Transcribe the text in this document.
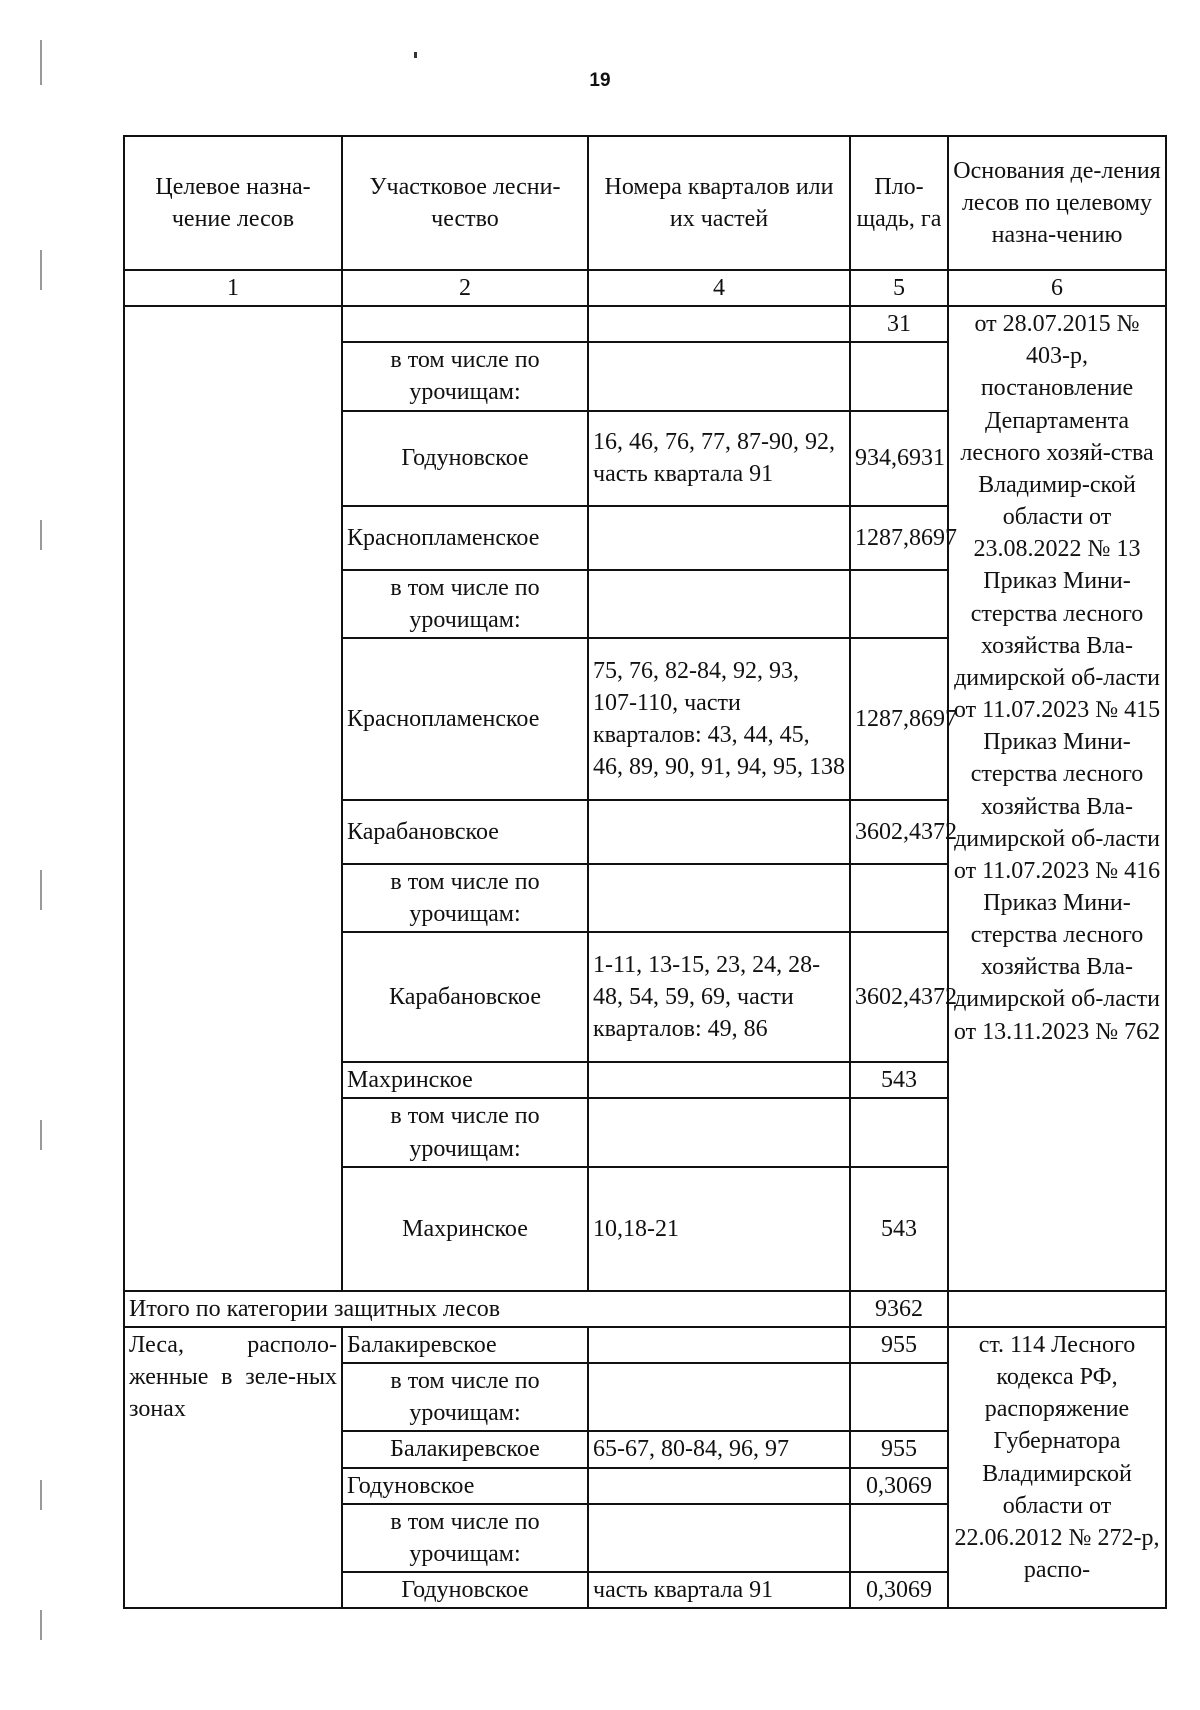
19
Целевое назна-чение лесов	Участковое лесни-чество	Номера кварталов или их частей	Пло-щадь, га	Основания де-ления лесов по целевому назна-чению
1	2	4	5	6
			31	от 28.07.2015 № 403-р, постановление Департамента лесного хозяй-ства Владимир-ской области от 23.08.2022 № 13 Приказ Мини-стерства лесного хозяйства Вла-димирской об-ласти от 11.07.2023 № 415 Приказ Мини-стерства лесного хозяйства Вла-димирской об-ласти от 11.07.2023 № 416 Приказ Мини-стерства лесного хозяйства Вла-димирской об-ласти от 13.11.2023 № 762
	в том числе по урочищам:			
	Годуновское	16, 46, 76, 77, 87-90, 92, часть квартала 91	934,6931	
	Краснопламенское		1287,8697	
	в том числе по урочищам:			
	Краснопламенское	75, 76, 82-84, 92, 93, 107-110, части кварталов: 43, 44, 45, 46, 89, 90, 91, 94, 95, 138	1287,8697	
	Карабановское		3602,4372	
	в том числе по урочищам:			
	Карабановское	1-11, 13-15, 23, 24, 28-48, 54, 59, 69, части кварталов: 49, 86	3602,4372	
	Махринское		543	
	в том числе по урочищам:			
	Махринское	10,18-21	543	
Итого по категории защитных лесов			9362	
Леса, располо-женные в зеле-ных зонах	Балакиревское		955	ст. 114 Лесного кодекса РФ, распоряжение Губернатора Владимирской области от 22.06.2012 № 272-р, распо-
	в том числе по урочищам:			
	Балакиревское	65-67, 80-84, 96, 97	955	
	Годуновское		0,3069	
	в том числе по урочищам:			
	Годуновское	часть квартала 91	0,3069	
